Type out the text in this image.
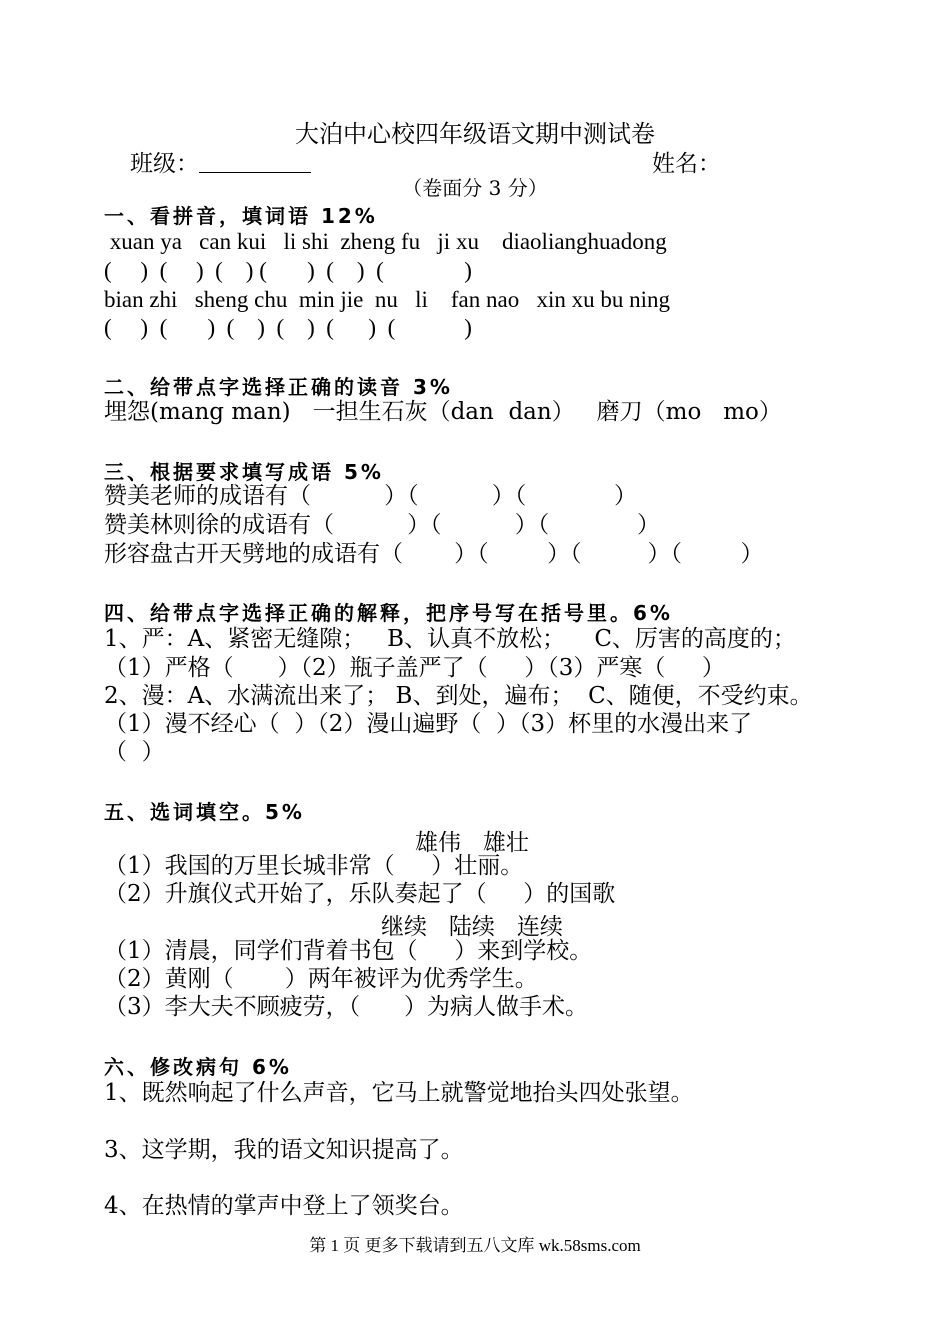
大泊中心校四年级语文期中测试卷
班级：	姓名：
（卷面分 3 分）
一、看拼音，填词语 12%
xuan ya   can kui   li shi  zheng fu   ji xu    diaolianghuadong
(     )  (     )  (    ) (       )  (    )  (              )
bian zhi   sheng chu  min jie  nu   li    fan nao   xin xu bu ning
(     )  (       )  (    )  (    )  (      )  (            )
二、给带点字选择正确的读音 3%
埋怨(mang man)   一担生石灰（dan  dan）   磨刀（mo   mo）
三、根据要求填写成语 5%
赞美老师的成语有（          ）（          ）（            ）
赞美林则徐的成语有（          ）（          ）（            ）
形容盘古开天劈地的成语有（       ）（        ）（         ）（        ）
四、给带点字选择正确的解释，把序号写在括号里。6%
1、严：A、紧密无缝隙；   B、认真不放松；    C、厉害的高度的；
（1）严格（      ）（2）瓶子盖严了（     ）（3）严寒（     ）
2、漫：A、水满流出来了； B、到处，遍布；  C、随便，不受约束。
（1）漫不经心（  ）（2）漫山遍野（  ）（3）杯里的水漫出来了
（  ）
五、选词填空。5%
雄伟   雄壮
（1）我国的万里长城非常（     ）壮丽。
（2）升旗仪式开始了，乐队奏起了（     ）的国歌
继续   陆续   连续
（1）清晨，同学们背着书包（     ）来到学校。
（2）黄刚（       ）两年被评为优秀学生。
（3）李大夫不顾疲劳，（      ）为病人做手术。
六、修改病句 6%
1、既然响起了什么声音，它马上就警觉地抬头四处张望。
3、这学期，我的语文知识提高了。
4、在热情的掌声中登上了领奖台。
第 1 页 更多下载请到五八文库 wk.58sms.com
